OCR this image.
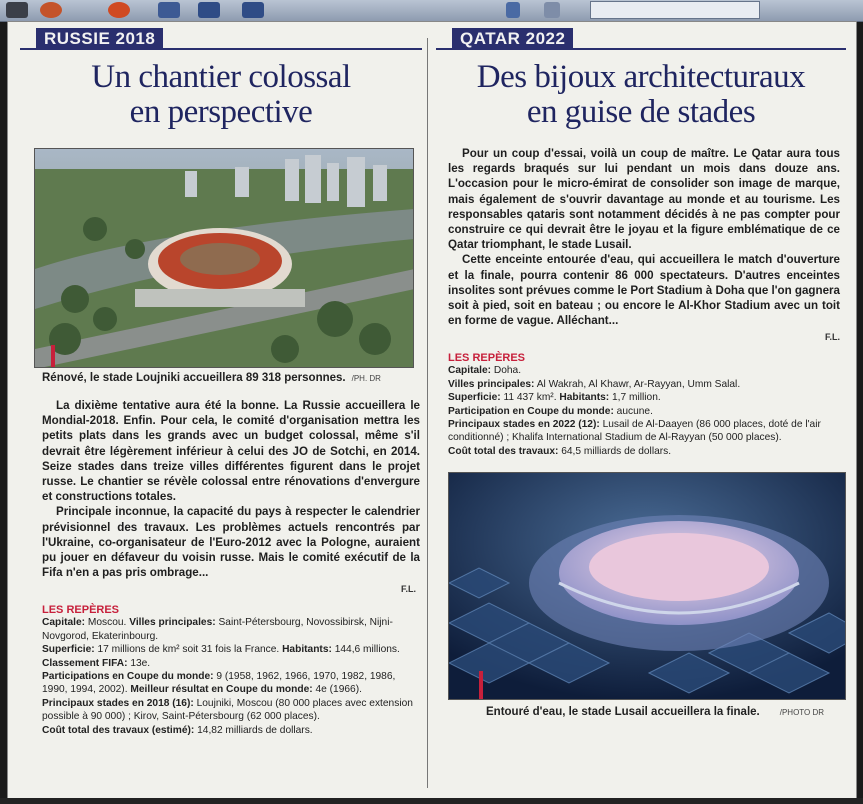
RUSSIE 2018
Un chantier colossal
en perspective
Rénové, le stade Loujniki accueillera 89 318 personnes. /PH. DR

La dixième tentative aura été la bonne. La Russie accueillera le Mondial-2018. Enfin. Pour cela, le comité d'organisation mettra les petits plats dans les grands avec un budget colossal, même s'il devrait être légèrement inférieur à celui des JO de Sotchi, en 2014. Seize stades dans treize villes différentes figurent dans le projet russe. Le chantier se révèle colossal entre rénovations d'envergure et constructions totales.

Principale inconnue, la capacité du pays à respecter le calendrier prévisionnel des travaux. Les problèmes actuels rencontrés par l'Ukraine, co-organisateur de l'Euro-2012 avec la Pologne, auraient pu jouer en défaveur du voisin russe. Mais le comité exécutif de la Fifa n'en a pas pris ombrage...

F.L.
LES REPÈRES
Capitale: Moscou. Villes principales: Saint-Pétersbourg, Novossibirsk, Nijni-Novgorod, Ekaterinbourg.
Superficie: 17 millions de km² soit 31 fois la France. Habitants: 144,6 millions.
Classement FIFA: 13e.
Participations en Coupe du monde: 9 (1958, 1962, 1966, 1970, 1982, 1986, 1990, 1994, 2002). Meilleur résultat en Coupe du monde: 4e (1966).
Principaux stades en 2018 (16): Loujniki, Moscou (80 000 places avec extension possible à 90 000) ; Kirov, Saint-Pétersbourg (62 000 places).
Coût total des travaux (estimé): 14,82 milliards de dollars.
QATAR 2022
Des bijoux architecturaux
en guise de stades

Pour un coup d'essai, voilà un coup de maître. Le Qatar aura tous les regards braqués sur lui pendant un mois dans douze ans. L'occasion pour le micro-émirat de consolider son image de marque, mais également de s'ouvrir davantage au monde et au tourisme. Les responsables qataris sont notamment décidés à ne pas compter pour construire ce qui devrait être le joyau et la figure emblématique de ce Qatar triomphant, le stade Lusail.

Cette enceinte entourée d'eau, qui accueillera le match d'ouverture et la finale, pourra contenir 86 000 spectateurs. D'autres enceintes insolites sont prévues comme le Port Stadium à Doha que l'on gagnera soit à pied, soit en bateau ; ou encore le Al-Khor Stadium avec un toit en forme de vague. Alléchant...

F.L.
LES REPÈRES
Capitale: Doha.
Villes principales: Al Wakrah, Al Khawr, Ar-Rayyan, Umm Salal.
Superficie: 11 437 km². Habitants: 1,7 million.
Participation en Coupe du monde: aucune.
Principaux stades en 2022 (12): Lusail de Al-Daayen (86 000 places, doté de l'air conditionné) ; Khalifa International Stadium de Al-Rayyan (50 000 places).
Coût total des travaux: 64,5 milliards de dollars.
Entouré d'eau, le stade Lusail accueillera la finale.	/PHOTO DR
